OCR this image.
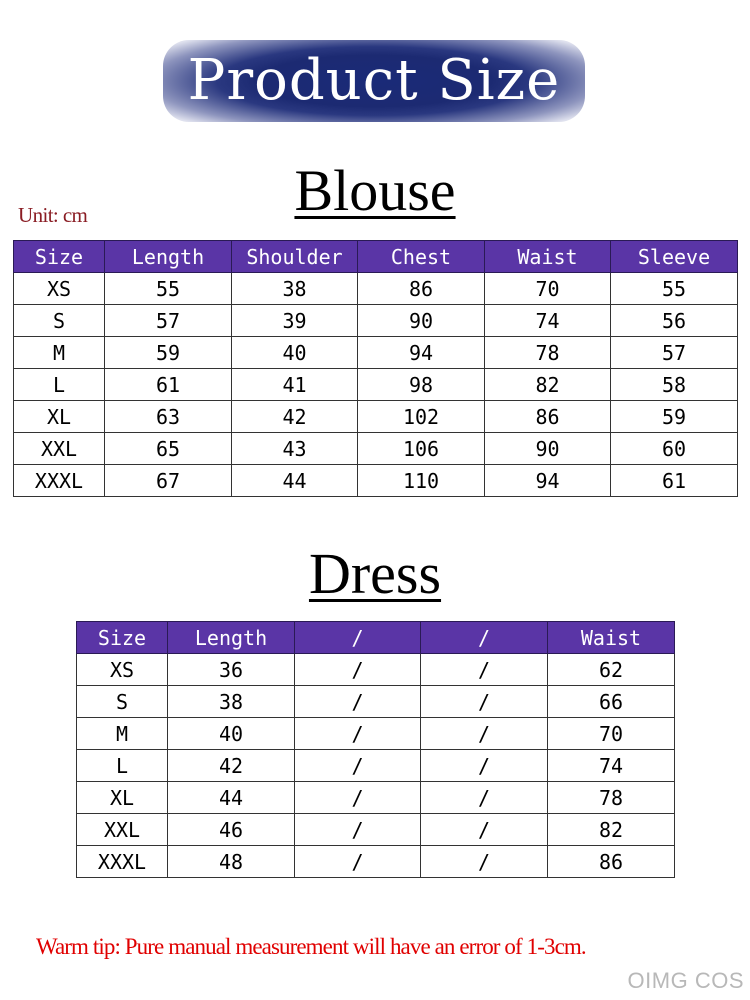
Product Size
Blouse
Unit: cm
Size	Length	Shoulder	Chest	Waist	Sleeve
XS	55	38	86	70	55
S	57	39	90	74	56
M	59	40	94	78	57
L	61	41	98	82	58
XL	63	42	102	86	59
XXL	65	43	106	90	60
XXXL	67	44	110	94	61
Dress
Size	Length	/	/	Waist
XS	36	/	/	62
S	38	/	/	66
M	40	/	/	70
L	42	/	/	74
XL	44	/	/	78
XXL	46	/	/	82
XXXL	48	/	/	86
Warm tip: Pure manual measurement will have an error of 1-3cm.
OIMG COS
